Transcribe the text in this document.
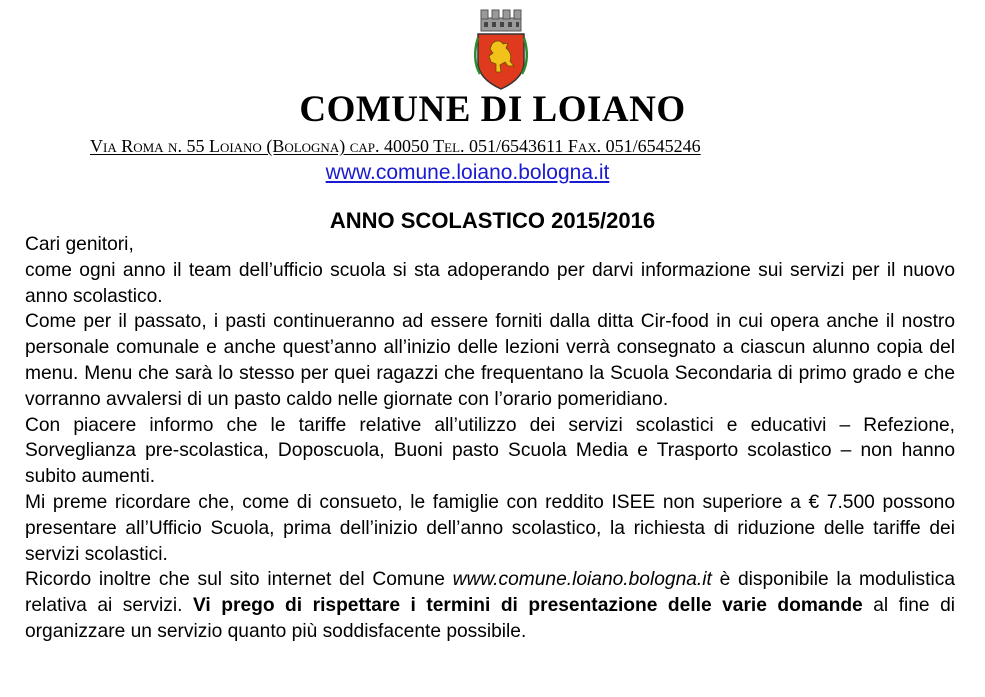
COMUNE DI LOIANO
Via Roma n. 55 Loiano (Bologna) cap. 40050 Tel. 051/6543611 Fax. 051/6545246
www.comune.loiano.bologna.it
ANNO SCOLASTICO 2015/2016

Cari genitori,

come ogni anno il team dell’ufficio scuola si sta adoperando per darvi informazione sui servizi per il nuovo anno scolastico.

Come per il passato, i pasti continueranno ad essere forniti dalla ditta Cir-food in cui opera anche il nostro personale comunale e anche quest’anno all’inizio delle lezioni verrà consegnato a ciascun alunno copia del menu. Menu che sarà lo stesso per quei ragazzi che frequentano la Scuola Secondaria di primo grado e che vorranno avvalersi di un pasto caldo nelle giornate con l’orario pomeridiano.

Con piacere informo che le tariffe relative all’utilizzo dei servizi scolastici e educativi – Refezione, Sorveglianza pre-scolastica, Doposcuola, Buoni pasto Scuola Media e Trasporto scolastico – non hanno subito aumenti.

Mi preme ricordare che, come di consueto, le famiglie con reddito ISEE non superiore a € 7.500 possono presentare all’Ufficio Scuola, prima dell’inizio dell’anno scolastico, la richiesta di riduzione delle tariffe dei servizi scolastici.

Ricordo inoltre che sul sito internet del Comune www.comune.loiano.bologna.it è disponibile la modulistica relativa ai servizi. Vi prego di rispettare i termini di presentazione delle varie domande al fine di organizzare un servizio quanto più soddisfacente possibile.
